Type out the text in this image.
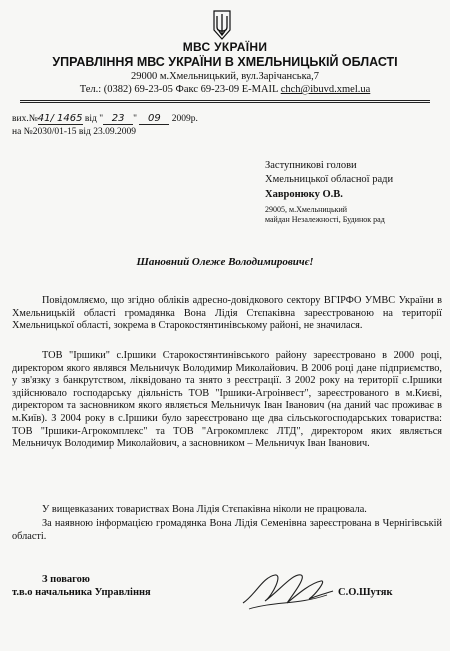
МВС УКРАЇНИ
УПРАВЛІННЯ МВС УКРАЇНИ В ХМЕЛЬНИЦЬКІЙ ОБЛАСТІ
29000 м.Хмельницький, вул.Зарічанська,7
Тел.: (0382) 69-23-05 Факс 69-23-09 E-MAIL chch@ibuvd.xmel.ua
вих.№41/ 1465 від " 23 " 09 2009р.
на №2030/01-15 від 23.09.2009
Заступникові голови
Хмельницької обласної ради
Хавронюку О.В.
29005, м.Хмельницький
майдан Незалежності, Будинок рад
Шановний Олеже Володимировичє!

Повідомляємо, що згідно обліків адресно-довідкового сектору ВГІРФО УМВС України в Хмельницькій області громадянка Вона Лідія Стєпаківна зареєстрованою на території Хмельницької області, зокрема в Старокостянтинівському районі, не значилася.

ТОВ "Іршики" с.Іршики Старокостянтинівського району зареєстровано в 2000 році, директором якого являвся Мельничук Володимир Миколайович. В 2006 році дане підприємство, у зв'язку з банкрутством, ліквідовано та знято з реєстрації. З 2002 року на території с.Іршики здійснювало господарську діяльність ТОВ "Іршики-Агроінвест", зареєстрованого в м.Києві, директором та засновником якого являється Мельничук Іван Іванович (на даний час проживає в м.Київ). З 2004 року в с.Іршики було зареєстровано ще два сільськогосподарських товариства: ТОВ "Іршики-Агрокомплекс" та ТОВ "Агрокомплекс ЛТД", директором яких являється Мельничук Володимир Миколайович, а засновником – Мельничук Іван Іванович.

У вищевказаних товариствах Вона Лідія Стєпаківна ніколи не працювала.

За наявною інформацією громадянка Вона Лідія Семенівна зареєстрована в Чернігівській області.

З повагою
т.в.о начальника Управління	С.О.Шутяк
